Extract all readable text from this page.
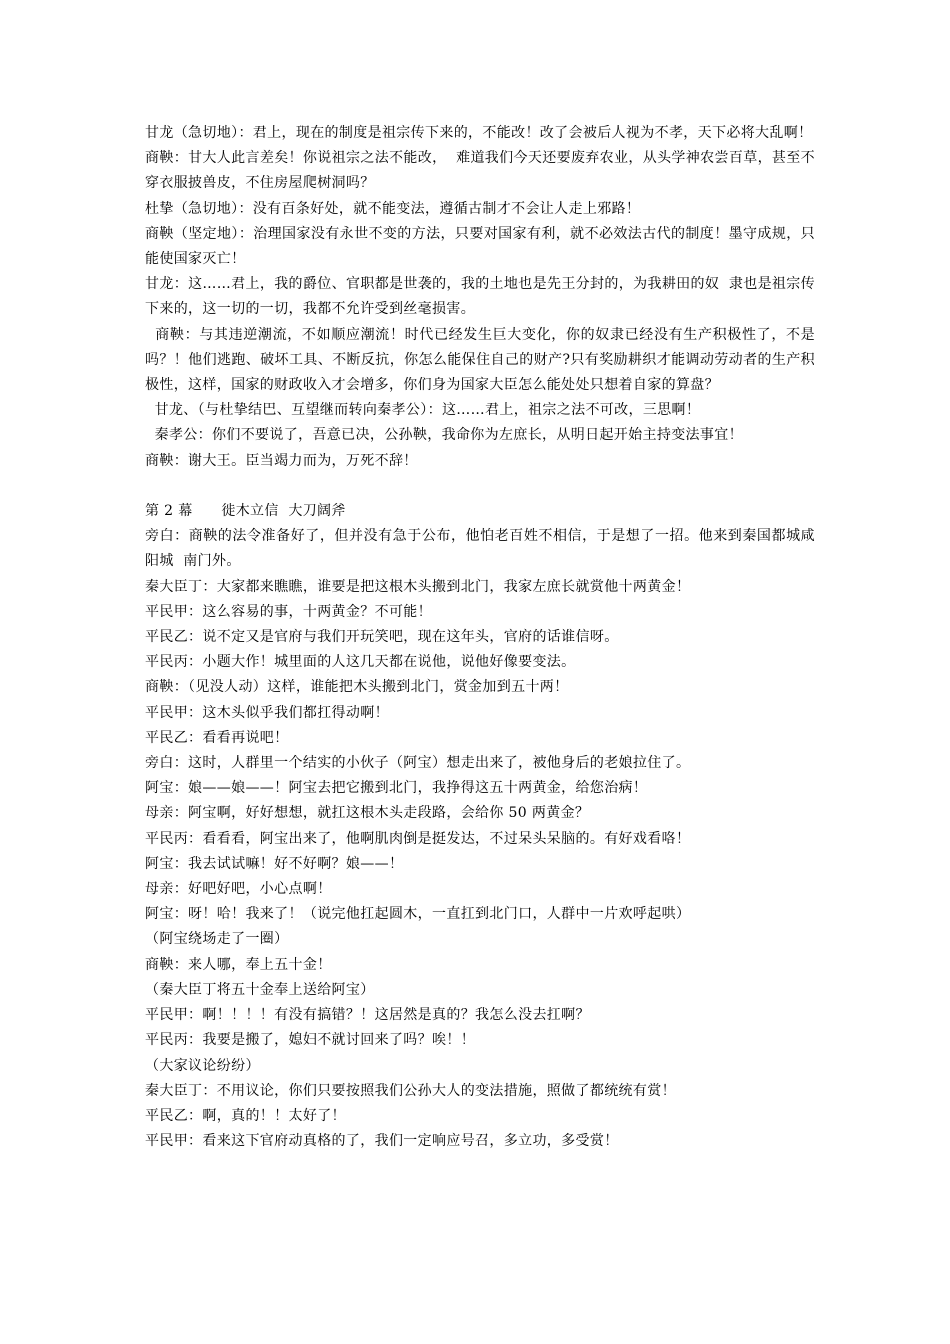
甘龙（急切地）：君上，现在的制度是祖宗传下来的，不能改！改了会被后人视为不孝，天下必将大乱啊！

商鞅：甘大人此言差矣！你说祖宗之法不能改，  难道我们今天还要废弃农业，从头学神农尝百草，甚至不穿衣服披兽皮，不住房屋爬树洞吗？

杜挚（急切地）：没有百条好处，就不能变法，遵循古制才不会让人走上邪路！

商鞅（坚定地）：治理国家没有永世不变的方法，只要对国家有利，就不必效法古代的制度！墨守成规，只能使国家灭亡！

甘龙：这……君上，我的爵位、官职都是世袭的，我的土地也是先王分封的，为我耕田的奴  隶也是祖宗传下来的，这一切的一切，我都不允许受到丝毫损害。

商鞅：与其违逆潮流，不如顺应潮流！时代已经发生巨大变化，你的奴隶已经没有生产积极性了，不是吗？！他们逃跑、破坏工具、不断反抗，你怎么能保住自己的财产?只有奖励耕织才能调动劳动者的生产积极性，这样，国家的财政收入才会增多，你们身为国家大臣怎么能处处只想着自家的算盘？

甘龙、（与杜挚结巴、互望继而转向秦孝公）：这……君上，祖宗之法不可改，三思啊！

秦孝公：你们不要说了，吾意已决，公孙鞅，我命你为左庶长，从明日起开始主持变法事宜！

商鞅：谢大王。臣当竭力而为，万死不辞！

第 2 幕      徙木立信  大刀阔斧

旁白：商鞅的法令准备好了，但并没有急于公布，他怕老百姓不相信，于是想了一招。他来到秦国都城咸阳城  南门外。

秦大臣丁：大家都来瞧瞧，谁要是把这根木头搬到北门，我家左庶长就赏他十两黄金！

平民甲：这么容易的事，十两黄金？不可能！

平民乙：说不定又是官府与我们开玩笑吧，现在这年头，官府的话谁信呀。

平民丙：小题大作！城里面的人这几天都在说他，说他好像要变法。

商鞅：（见没人动）这样，谁能把木头搬到北门，赏金加到五十两！

平民甲：这木头似乎我们都扛得动啊！

平民乙：看看再说吧！

旁白：这时，人群里一个结实的小伙子（阿宝）想走出来了，被他身后的老娘拉住了。

阿宝：娘——娘——！阿宝去把它搬到北门，我挣得这五十两黄金，给您治病！

母亲：阿宝啊，好好想想，就扛这根木头走段路，会给你 50 两黄金？

平民丙：看看看，阿宝出来了，他啊肌肉倒是挺发达，不过呆头呆脑的。有好戏看咯！

阿宝：我去试试嘛！好不好啊？娘——！

母亲：好吧好吧，小心点啊！

阿宝：呀！哈！我来了！（说完他扛起圆木，一直扛到北门口，人群中一片欢呼起哄）

（阿宝绕场走了一圈）

商鞅：来人哪，奉上五十金！

（秦大臣丁将五十金奉上送给阿宝）

平民甲：啊！！！！有没有搞错？！这居然是真的？我怎么没去扛啊？

平民丙：我要是搬了，媳妇不就讨回来了吗？唉！！

（大家议论纷纷）

秦大臣丁：不用议论，你们只要按照我们公孙大人的变法措施，照做了都统统有赏！

平民乙：啊，真的！！太好了！

平民甲：看来这下官府动真格的了，我们一定响应号召，多立功，多受赏！
